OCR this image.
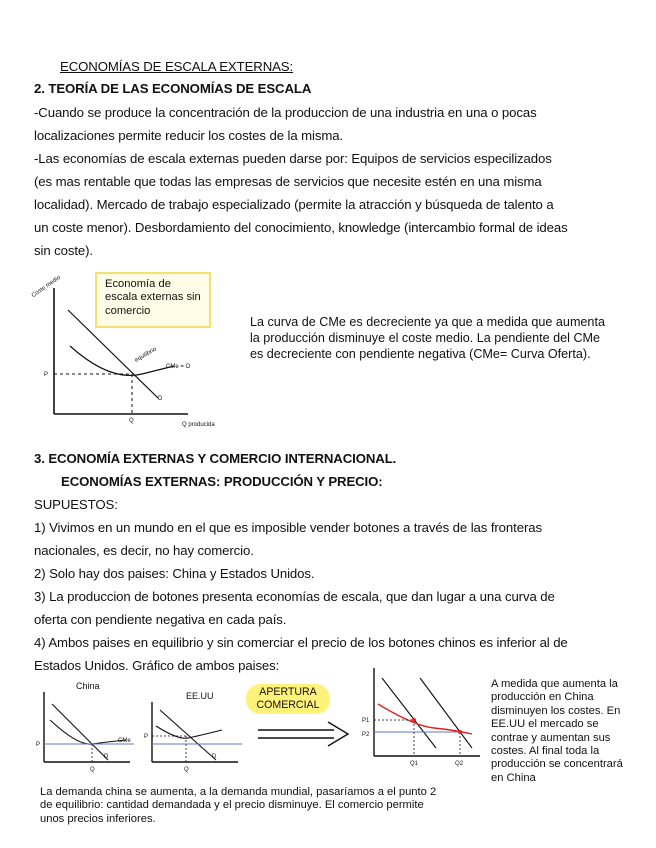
ECONOMÍAS DE ESCALA EXTERNAS:
2. TEORÍA DE LAS ECONOMÍAS DE ESCALA
-Cuando se produce la concentración de la produccion de una industria en una o pocas
localizaciones permite reducir los costes de la misma.
-Las economías de escala externas pueden darse por: Equipos de servicios especilizados
(es mas rentable que todas las empresas de servicios que necesite estén en una misma
localidad). Mercado de trabajo especializado (permite la atracción y búsqueda de talento a
un coste menor). Desbordamiento del conocimiento, knowledge (intercambio formal de ideas
sin coste).
Coste medio
Q producida
P
Q
D
CMe = O
equilibrio
Economía de escala externas sin comercio
La curva de CMe es decreciente ya que a medida que aumenta la producción disminuye el coste medio. La pendiente del CMe es decreciente con pendiente negativa (CMe= Curva Oferta).
3. ECONOMÍA EXTERNAS Y COMERCIO INTERNACIONAL.
ECONOMÍAS EXTERNAS: PRODUCCIÓN Y PRECIO:
SUPUESTOS:
1) Vivimos en un mundo en el que es imposible vender botones a través de las fronteras
nacionales, es decir, no hay comercio.
2) Solo hay dos paises: China y Estados Unidos.
3) La produccion de botones presenta economías de escala, que dan lugar a una curva de
oferta con pendiente negativa en cada país.
4) Ambos paises en equilibrio y sin comerciar el precio de los botones chinos es inferior al de
Estados Unidos. Gráfico de ambos paises:
China
P
Q
D
CMe
EE.UU
P
Q
D
APERTURA COMERCIAL
P1
P2
Q1	Q2
A medida que aumenta la producción en China disminuyen los costes. En EE.UU el mercado se contrae y aumentan sus costes. Al final toda la producción se concentrará en China
La demanda china se aumenta, a la demanda mundial, pasaríamos a el punto 2 de equilibrio: cantidad demandada y el precio disminuye. El comercio permite unos precios inferiores.
